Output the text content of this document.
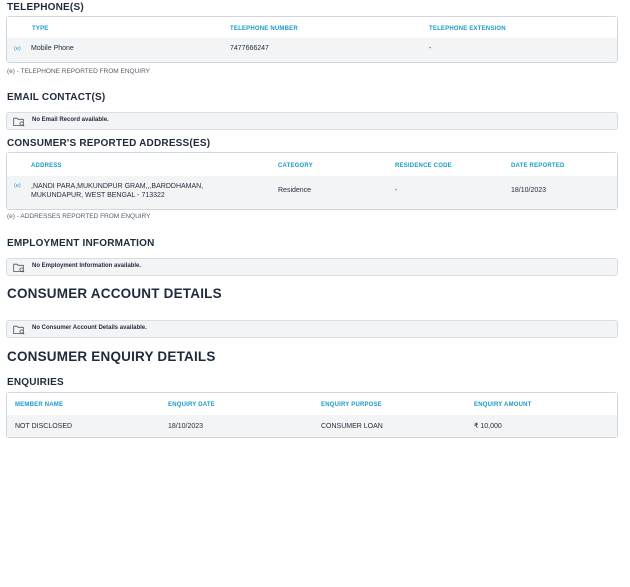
TELEPHONE(S)
TYPE	TELEPHONE NUMBER	TELEPHONE EXTENSION
(e) Mobile Phone	7477666247	-
(e) - TELEPHONE REPORTED FROM ENQUIRY
EMAIL CONTACT(S)
No Email Record available.
CONSUMER'S REPORTED ADDRESS(ES)
ADDRESS	CATEGORY	RESIDENCE CODE	DATE REPORTED
(e) ,NANDI PARA,MUKUNDPUR GRAM,,,BARDDHAMAN,
MUKUNDAPUR, WEST BENGAL - 713322
Residence	-	18/10/2023
(e) - ADDRESSES REPORTED FROM ENQUIRY
EMPLOYMENT INFORMATION
No Employment Information available.
CONSUMER ACCOUNT DETAILS
No Consumer Account Details available.
CONSUMER ENQUIRY DETAILS
ENQUIRIES
MEMBER NAME	ENQUIRY DATE	ENQUIRY PURPOSE	ENQUIRY AMOUNT
NOT DISCLOSED	18/10/2023	CONSUMER LOAN	₹ 10,000
